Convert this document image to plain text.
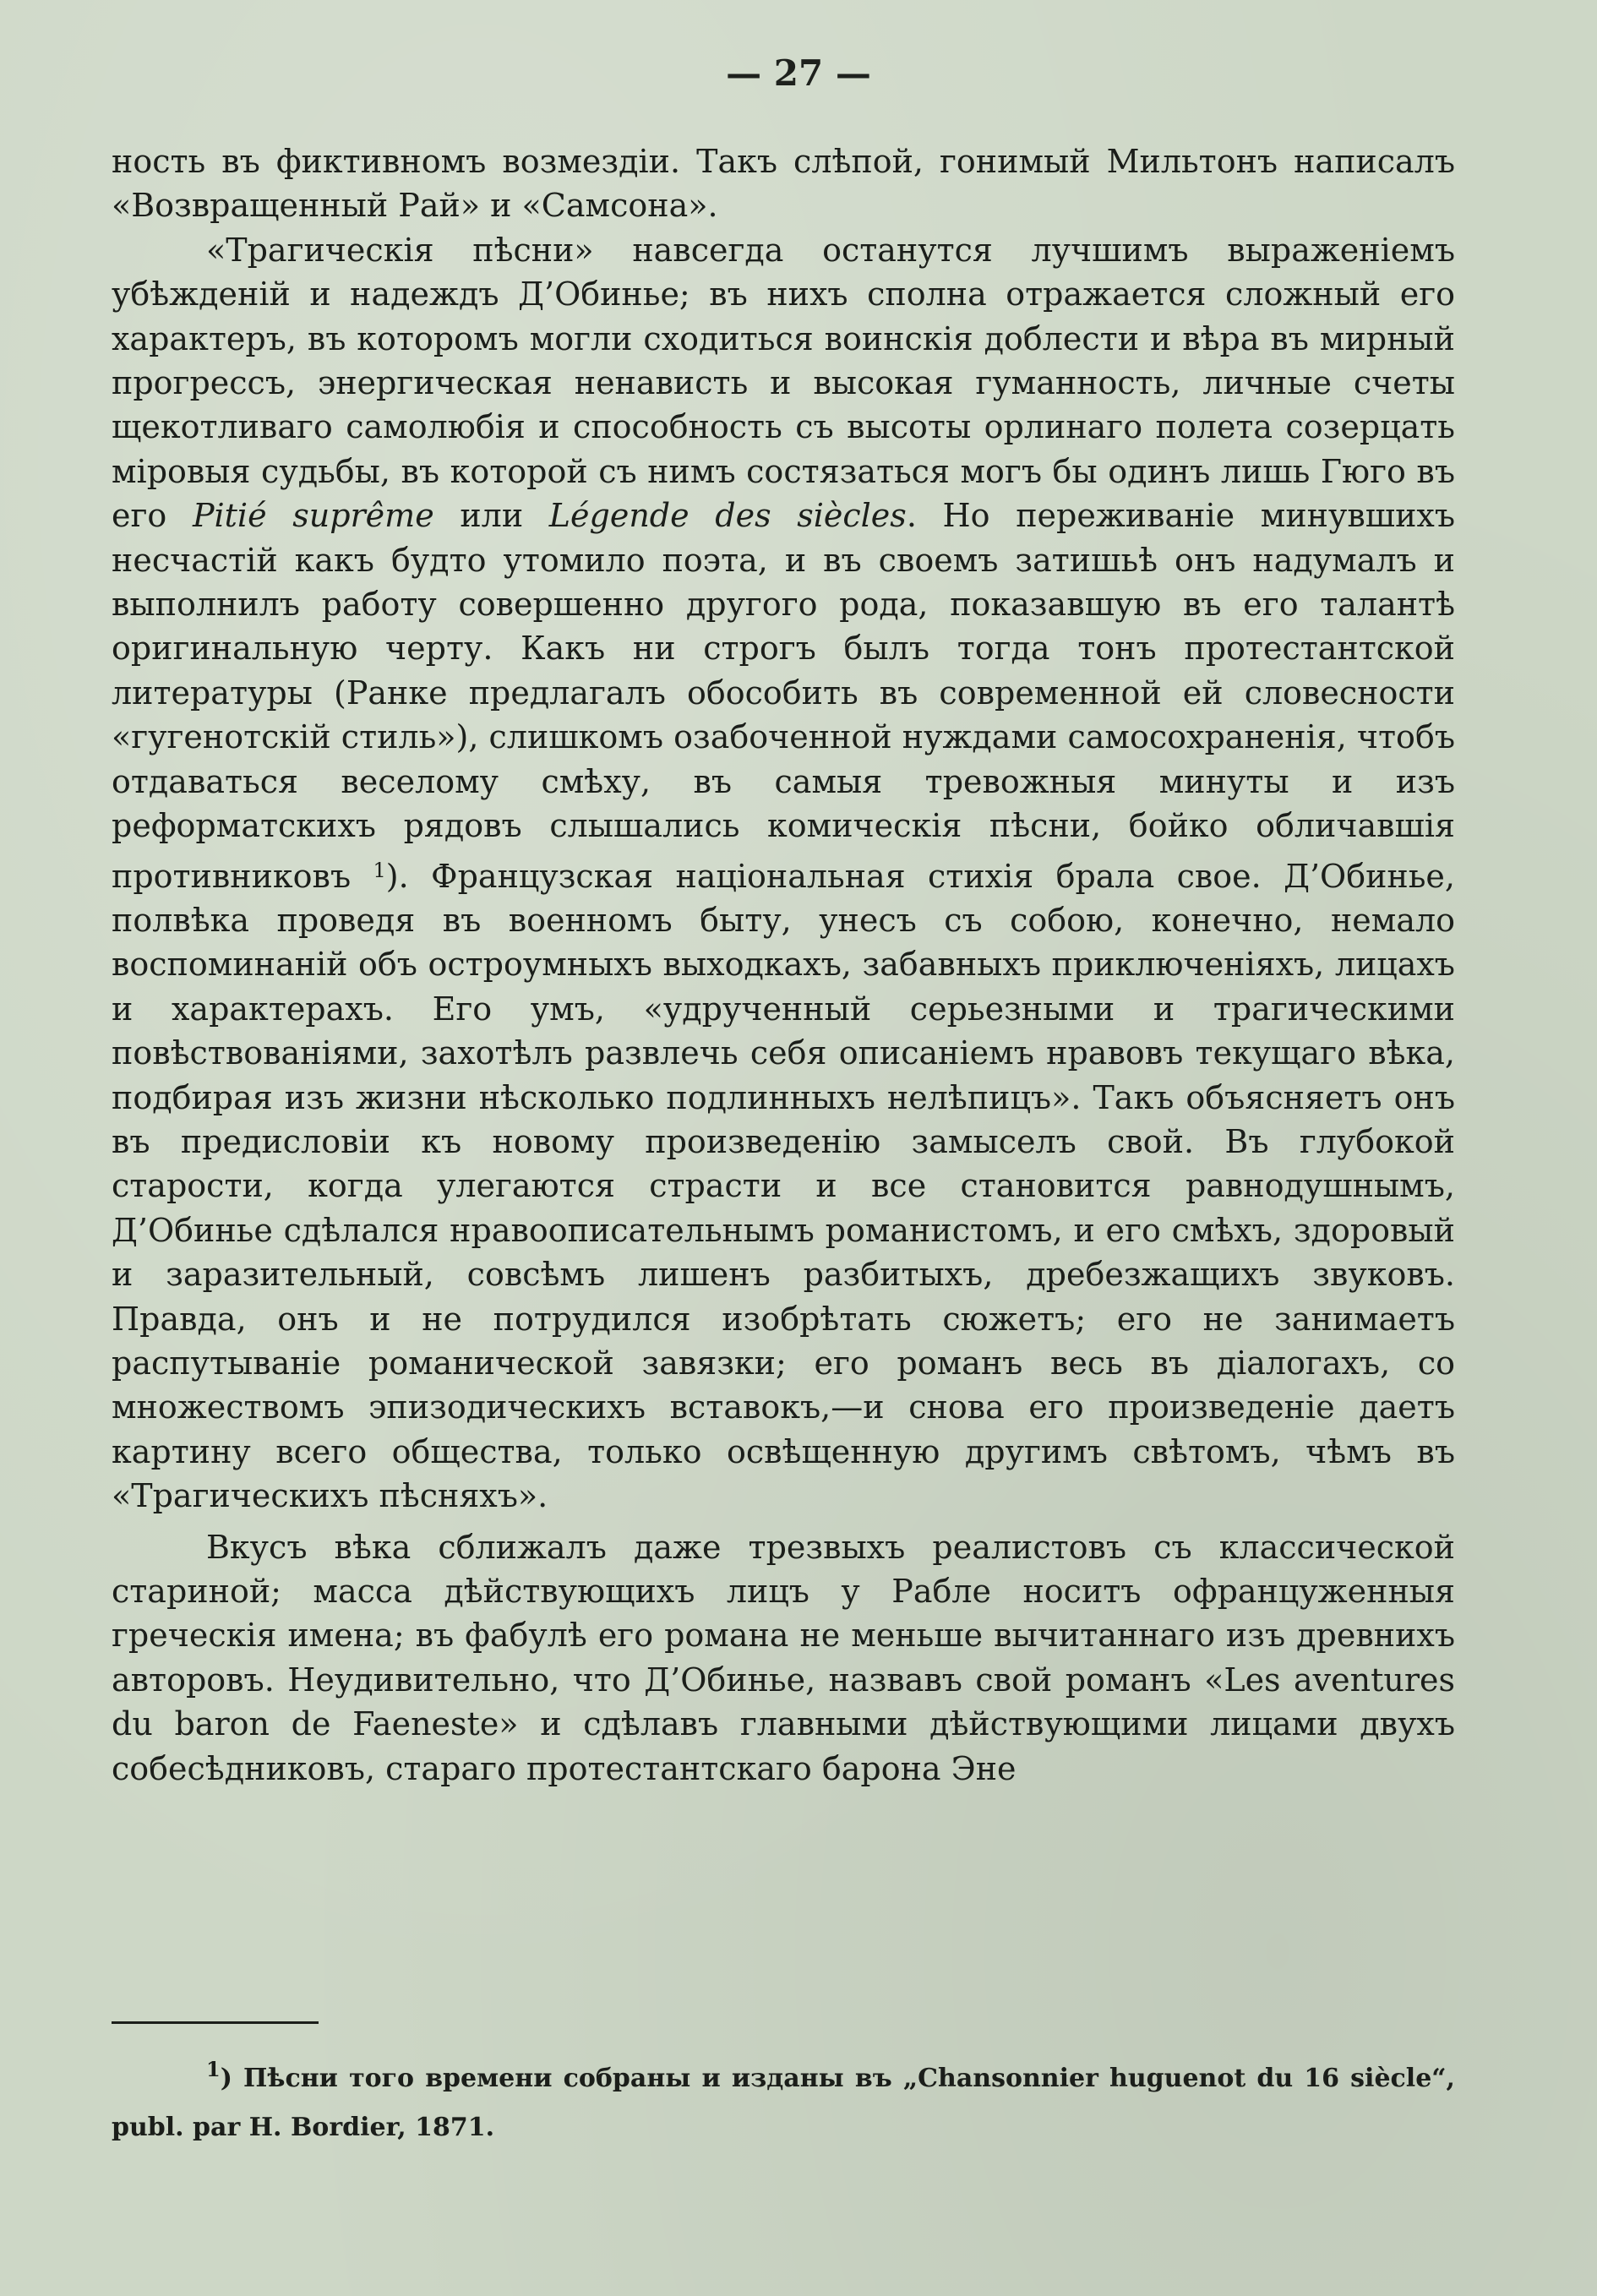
— 27 —

ность въ фиктивномъ возмездіи. Такъ слѣпой, гонимый Мильтонъ написалъ «Возвращенный Рай» и «Самсона».

«Трагическія пѣсни» навсегда останутся лучшимъ выраженіемъ убѣжденій и надеждъ Д’Обинье; въ нихъ сполна отражается сложный его характеръ, въ которомъ могли сходиться воинскія доблести и вѣра въ мирный прогрессъ, энергическая ненависть и высокая гуманность, личные счеты щекотливаго самолюбія и способность съ высоты орлинаго полета созерцать міровыя судьбы, въ которой съ нимъ состязаться могъ бы одинъ лишь Гюго въ его Pitié suprême или Légende des siècles. Но переживаніе минувшихъ несчастій какъ будто утомило поэта, и въ своемъ затишьѣ онъ надумалъ и выполнилъ работу совершенно другого рода, показавшую въ его талантѣ оригинальную черту. Какъ ни строгъ былъ тогда тонъ протестантской литературы (Ранке предлагалъ обособить въ современной ей словесности «гугенотскій стиль»), слишкомъ озабоченной нуждами самосохраненія, чтобъ отдаваться веселому смѣху, въ самыя тревожныя минуты и изъ реформатскихъ рядовъ слышались комическія пѣсни, бойко обличавшія противниковъ $^1$). Французская національная стихія брала свое. Д’Обинье, полвѣка проведя въ военномъ быту, унесъ съ собою, конечно, немало воспоминаній объ остроумныхъ выходкахъ, забавныхъ приключеніяхъ, лицахъ и характерахъ. Его умъ, «удрученный серьезными и трагическими повѣствованіями, захотѣлъ развлечь себя описаніемъ нравовъ текущаго вѣка, подбирая изъ жизни нѣсколько подлинныхъ нелѣпицъ». Такъ объясняетъ онъ въ предисловіи къ новому произведенію замыселъ свой. Въ глубокой старости, когда улегаются страсти и все становится равнодушнымъ, Д’Обинье сдѣлался нравоописательнымъ романистомъ, и его смѣхъ, здоровый и заразительный, совсѣмъ лишенъ разбитыхъ, дребезжащихъ звуковъ. Правда, онъ и не потрудился изобрѣтать сюжетъ; его не занимаетъ распутываніе романической завязки; его романъ весь въ діалогахъ, со множествомъ эпизодическихъ вставокъ,—и снова его произведеніе даетъ картину всего общества, только освѣщенную другимъ свѣтомъ, чѣмъ въ «Трагическихъ пѣсняхъ».

Вкусъ вѣка сближалъ даже трезвыхъ реалистовъ съ классической стариной; масса дѣйствующихъ лицъ у Рабле носитъ офранцуженныя греческія имена; въ фабулѣ его романа не меньше вычитаннаго изъ древнихъ авторовъ. Неудивительно, что Д’Обинье, назвавъ свой романъ «Les aventures du baron de Faeneste» и сдѣлавъ главными дѣйствующими лицами двухъ собесѣдниковъ, стараго протестантскаго барона Эне

$^1$) Пѣсни того времени собраны и изданы въ „Chansonnier huguenot du 16 siècle“, publ. par H. Bordier, 1871.
